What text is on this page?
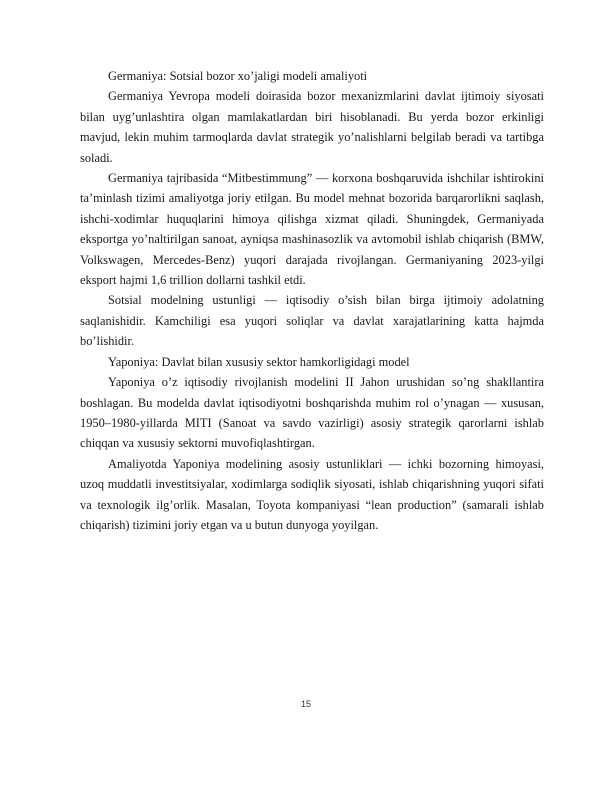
Germaniya: Sotsial bozor xo’jaligi modeli amaliyoti

Germaniya Yevropa modeli doirasida bozor mexanizmlarini davlat ijtimoiy siyosati bilan uyg’unlashtira olgan mamlakatlardan biri hisoblanadi. Bu yerda bozor erkinligi mavjud, lekin muhim tarmoqlarda davlat strategik yo’nalishlarni belgilab beradi va tartibga soladi.

Germaniya tajribasida “Mitbestimmung” — korxona boshqaruvida ishchilar ishtirokini ta’minlash tizimi amaliyotga joriy etilgan. Bu model mehnat bozorida barqarorlikni saqlash, ishchi-xodimlar huquqlarini himoya qilishga xizmat qiladi. Shuningdek, Germaniyada eksportga yo’naltirilgan sanoat, ayniqsa mashinasozlik va avtomobil ishlab chiqarish (BMW, Volkswagen, Mercedes-Benz) yuqori darajada rivojlangan. Germaniyaning 2023-yilgi eksport hajmi 1,6 trillion dollarni tashkil etdi.

Sotsial modelning ustunligi — iqtisodiy o’sish bilan birga ijtimoiy adolatning saqlanishidir. Kamchiligi esa yuqori soliqlar va davlat xarajatlarining katta hajmda bo’lishidir.

Yaponiya: Davlat bilan xususiy sektor hamkorligidagi model

Yaponiya o’z iqtisodiy rivojlanish modelini II Jahon urushidan so’ng shakllantira boshlagan. Bu modelda davlat iqtisodiyotni boshqarishda muhim rol o’ynagan — xususan, 1950–1980-yillarda MITI (Sanoat va savdo vazirligi) asosiy strategik qarorlarni ishlab chiqqan va xususiy sektorni muvofiqlashtirgan.

Amaliyotda Yaponiya modelining asosiy ustunliklari — ichki bozorning himoyasi, uzoq muddatli investitsiyalar, xodimlarga sodiqlik siyosati, ishlab chiqarishning yuqori sifati va texnologik ilg’orlik. Masalan, Toyota kompaniyasi “lean production” (samarali ishlab chiqarish) tizimini joriy etgan va u butun dunyoga yoyilgan.

15
